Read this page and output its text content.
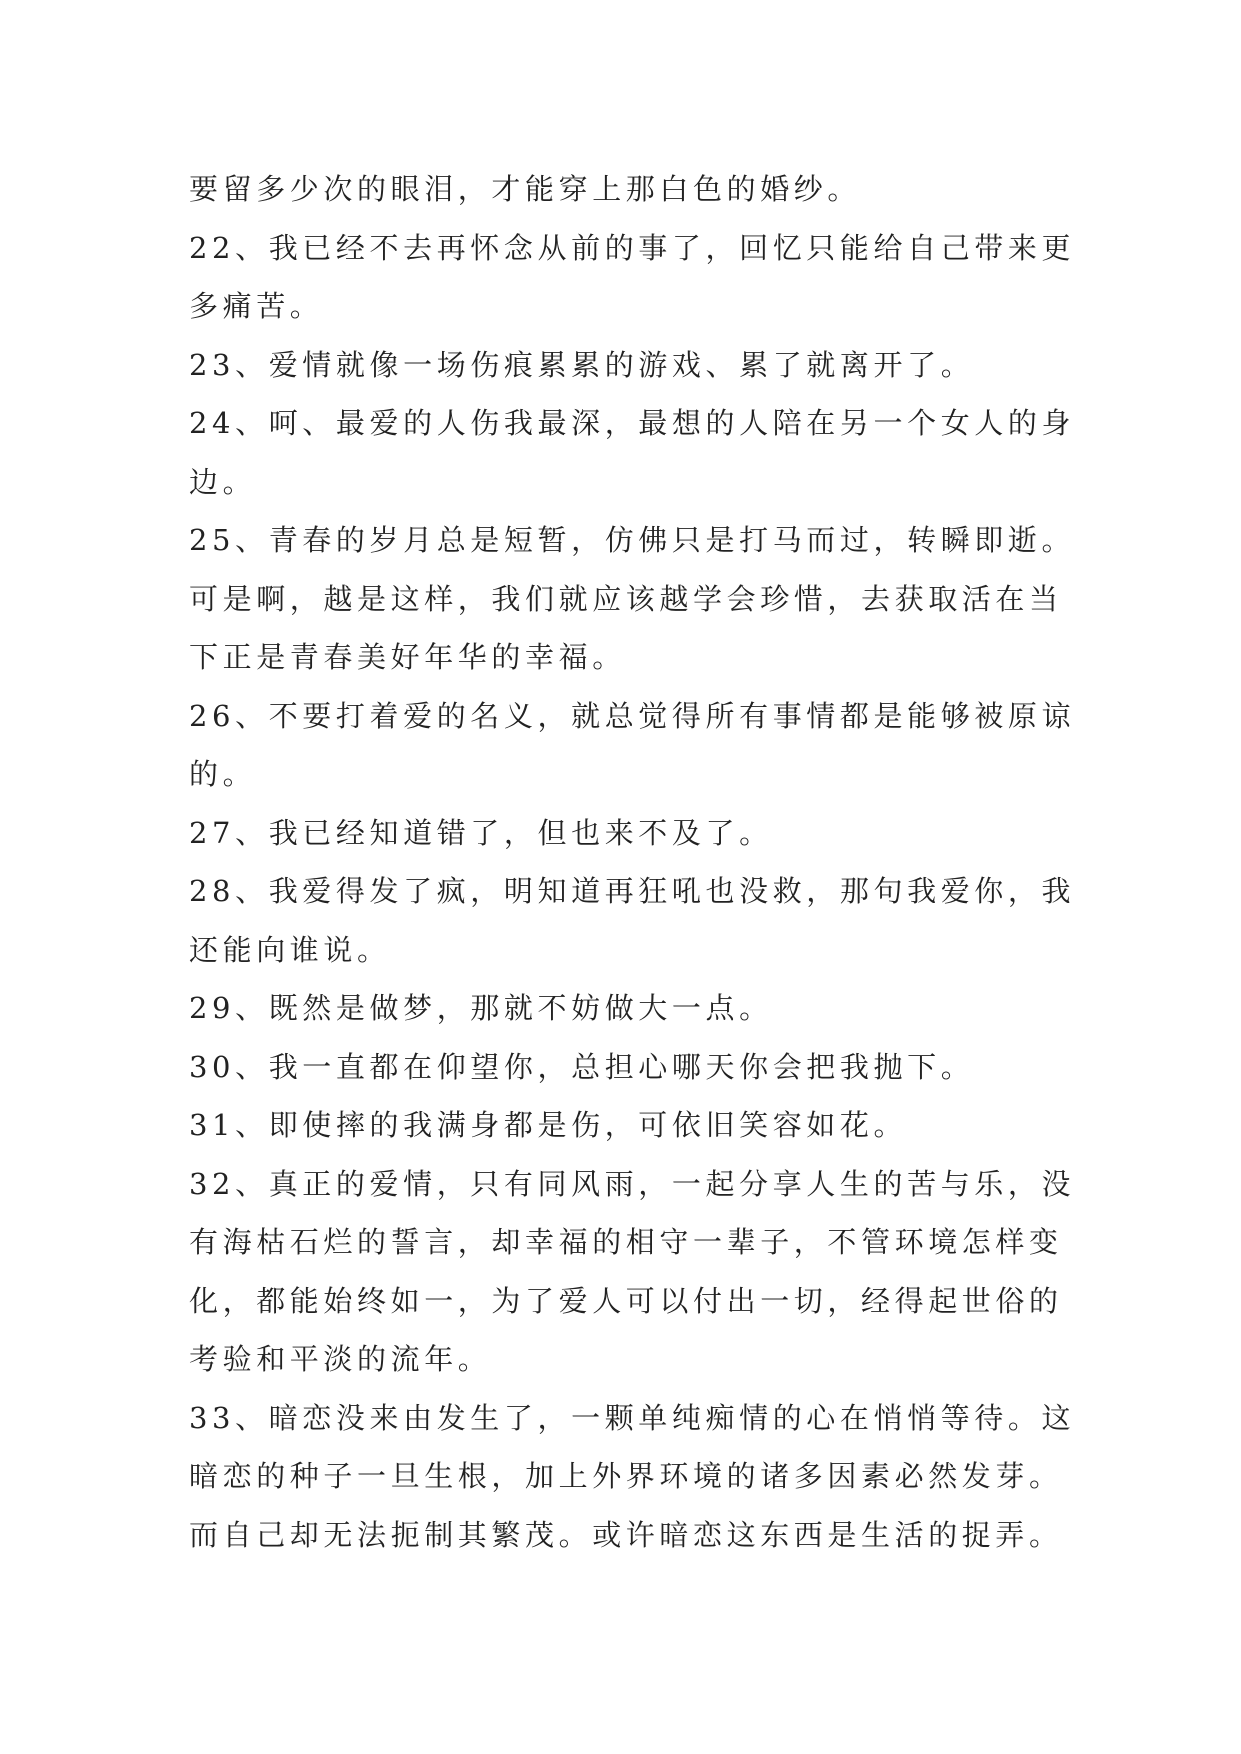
要留多少次的眼泪，才能穿上那白色的婚纱。
22、我已经不去再怀念从前的事了，回忆只能给自己带来更
多痛苦。
23、爱情就像一场伤痕累累的游戏、累了就离开了。
24、呵、最爱的人伤我最深，最想的人陪在另一个女人的身
边。
25、青春的岁月总是短暂，仿佛只是打马而过，转瞬即逝。
可是啊，越是这样，我们就应该越学会珍惜，去获取活在当
下正是青春美好年华的幸福。
26、不要打着爱的名义，就总觉得所有事情都是能够被原谅
的。
27、我已经知道错了，但也来不及了。
28、我爱得发了疯，明知道再狂吼也没救，那句我爱你，我
还能向谁说。
29、既然是做梦，那就不妨做大一点。
30、我一直都在仰望你，总担心哪天你会把我抛下。
31、即使摔的我满身都是伤，可依旧笑容如花。
32、真正的爱情，只有同风雨，一起分享人生的苦与乐，没
有海枯石烂的誓言，却幸福的相守一辈子，不管环境怎样变
化，都能始终如一，为了爱人可以付出一切，经得起世俗的
考验和平淡的流年。
33、暗恋没来由发生了，一颗单纯痴情的心在悄悄等待。这
暗恋的种子一旦生根，加上外界环境的诸多因素必然发芽。
而自己却无法扼制其繁茂。或许暗恋这东西是生活的捉弄。
